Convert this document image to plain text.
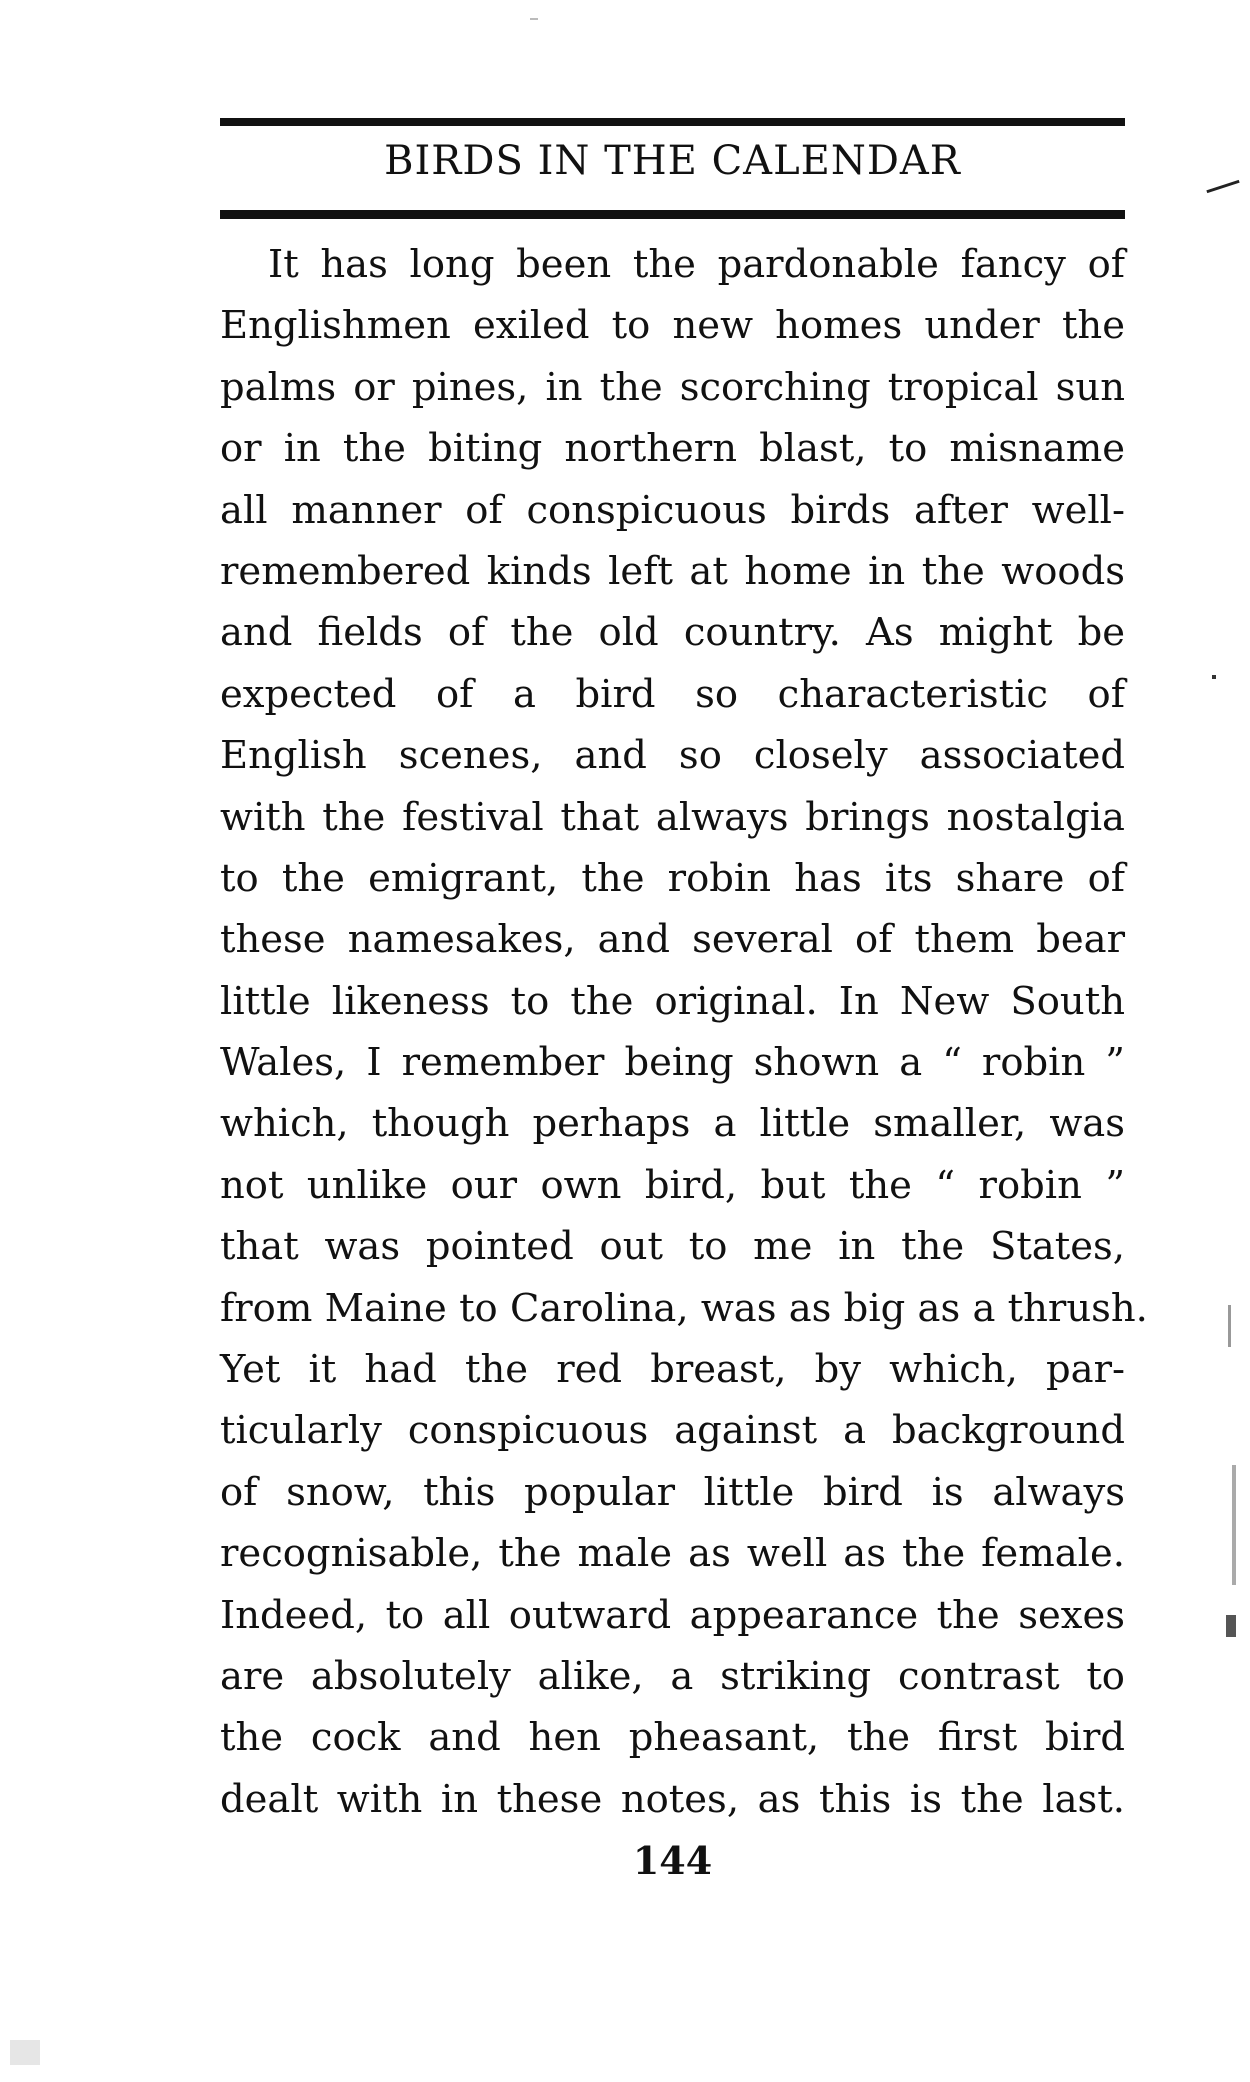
BIRDS IN THE CALENDAR
It has long been the pardonable fancy of
Englishmen exiled to new homes under the
palms or pines, in the scorching tropical sun
or in the biting northern blast, to misname
all manner of conspicuous birds after well-
remembered kinds left at home in the woods
and fields of the old country. As might be
expected of a bird so characteristic of
English scenes, and so closely associated
with the festival that always brings nostalgia
to the emigrant, the robin has its share of
these namesakes, and several of them bear
little likeness to the original. In New South
Wales, I remember being shown a “ robin ”
which, though perhaps a little smaller, was
not unlike our own bird, but the “ robin ”
that was pointed out to me in the States,
from Maine to Carolina, was as big as a thrush.
Yet it had the red breast, by which, par-
ticularly conspicuous against a background
of snow, this popular little bird is always
recognisable, the male as well as the female.
Indeed, to all outward appearance the sexes
are absolutely alike, a striking contrast to
the cock and hen pheasant, the first bird
dealt with in these notes, as this is the last.
144
